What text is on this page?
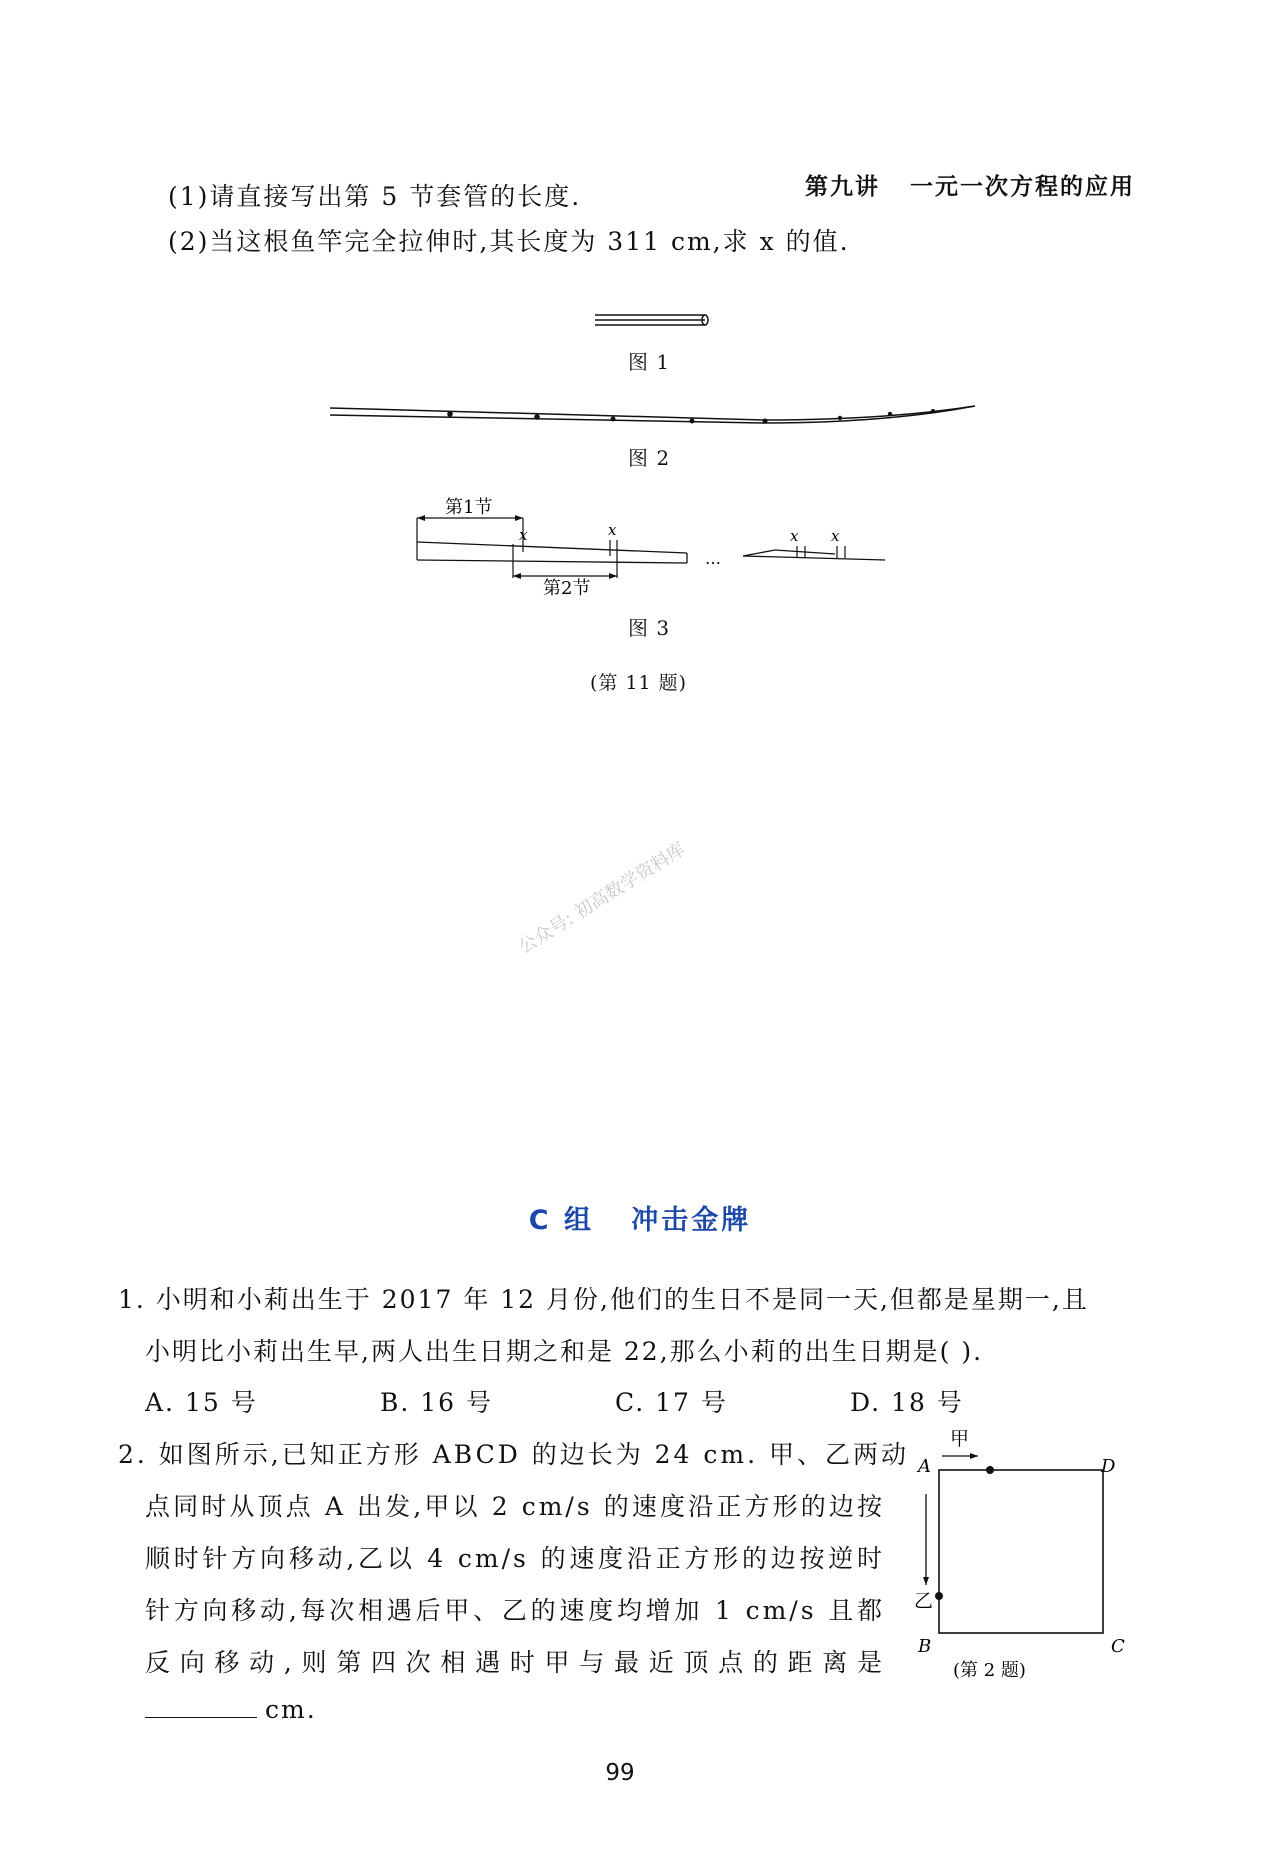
第九讲   一元一次方程的应用
(1)请直接写出第 5 节套管的长度.
(2)当这根鱼竿完全拉伸时,其长度为 311 cm,求 x 的值.
图 1
图 2
第1节
x	x
第2节
…
x x
图 3
(第 11 题)
公众号: 初高数学资料库
C 组   冲击金牌
1. 小明和小莉出生于 2017 年 12 月份,他们的生日不是同一天,但都是星期一,且
小明比小莉出生早,两人出生日期之和是 22,那么小莉的出生日期是( ).
A. 15 号	B. 16 号	C. 17 号	D. 18 号
2. 如图所示,已知正方形 ABCD 的边长为 24 cm. 甲、乙两动
点同时从顶点 A 出发,甲以 2 cm/s 的速度沿正方形的边按
顺时针方向移动,乙以 4 cm/s 的速度沿正方形的边按逆时
针方向移动,每次相遇后甲、乙的速度均增加 1 cm/s 且都
反向移动,则第四次相遇时甲与最近顶点的距离是
cm.
甲
A	D
B	C
乙
(第 2 题)
99
